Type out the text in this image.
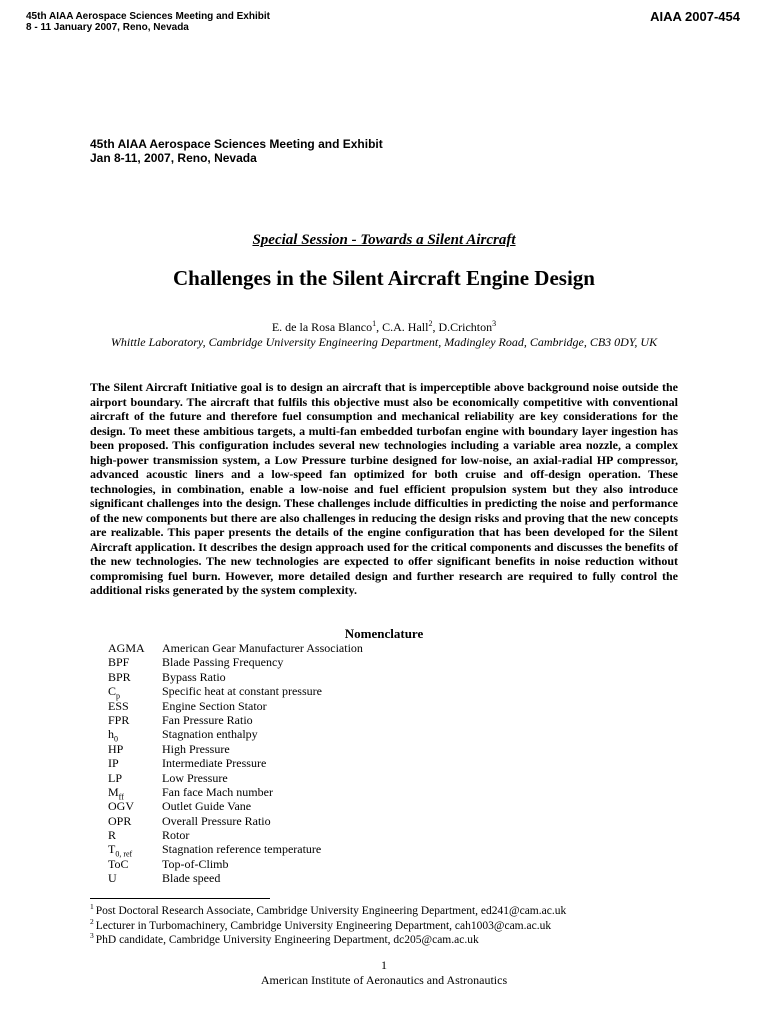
45th AIAA Aerospace Sciences Meeting and Exhibit
8 - 11 January 2007, Reno, Nevada
AIAA 2007-454
45th AIAA Aerospace Sciences Meeting and Exhibit
Jan 8-11, 2007, Reno, Nevada
Special Session - Towards a Silent Aircraft
Challenges in the Silent Aircraft Engine Design
E. de la Rosa Blanco$^1$, C.A. Hall$^2$, D.Crichton$^3$
Whittle Laboratory, Cambridge University Engineering Department, Madingley Road, Cambridge, CB3 0DY, UK
The Silent Aircraft Initiative goal is to design an aircraft that is imperceptible above background noise outside the airport boundary. The aircraft that fulfils this objective must also be economically competitive with conventional aircraft of the future and therefore fuel consumption and mechanical reliability are key considerations for the design. To meet these ambitious targets, a multi-fan embedded turbofan engine with boundary layer ingestion has been proposed. This configuration includes several new technologies including a variable area nozzle, a complex high-power transmission system, a Low Pressure turbine designed for low-noise, an axial-radial HP compressor, advanced acoustic liners and a low-speed fan optimized for both cruise and off-design operation. These technologies, in combination, enable a low-noise and fuel efficient propulsion system but they also introduce significant challenges into the design. These challenges include difficulties in predicting the noise and performance of the new components but there are also challenges in reducing the design risks and proving that the new concepts are realizable. This paper presents the details of the engine configuration that has been developed for the Silent Aircraft application. It describes the design approach used for the critical components and discusses the benefits of the new technologies. The new technologies are expected to offer significant benefits in noise reduction without compromising fuel burn. However, more detailed design and further research are required to fully control the additional risks generated by the system complexity.
Nomenclature
AGMA	American Gear Manufacturer Association
BPF	Blade Passing Frequency
BPR	Bypass Ratio
$C_p$	Specific heat at constant pressure
ESS	Engine Section Stator
FPR	Fan Pressure Ratio
$h_0$	Stagnation enthalpy
HP	High Pressure
IP	Intermediate Pressure
LP	Low Pressure
$M_{ff}$	Fan face Mach number
OGV	Outlet Guide Vane
OPR	Overall Pressure Ratio
R	Rotor
$T_{0, ref}$	Stagnation reference temperature
ToC	Top-of-Climb
U	Blade speed
$^1$ Post Doctoral Research Associate, Cambridge University Engineering Department, ed241@cam.ac.uk
$^2$ Lecturer in Turbomachinery, Cambridge University Engineering Department, cah1003@cam.ac.uk
$^3$ PhD candidate, Cambridge University Engineering Department, dc205@cam.ac.uk
1
American Institute of Aeronautics and Astronautics
